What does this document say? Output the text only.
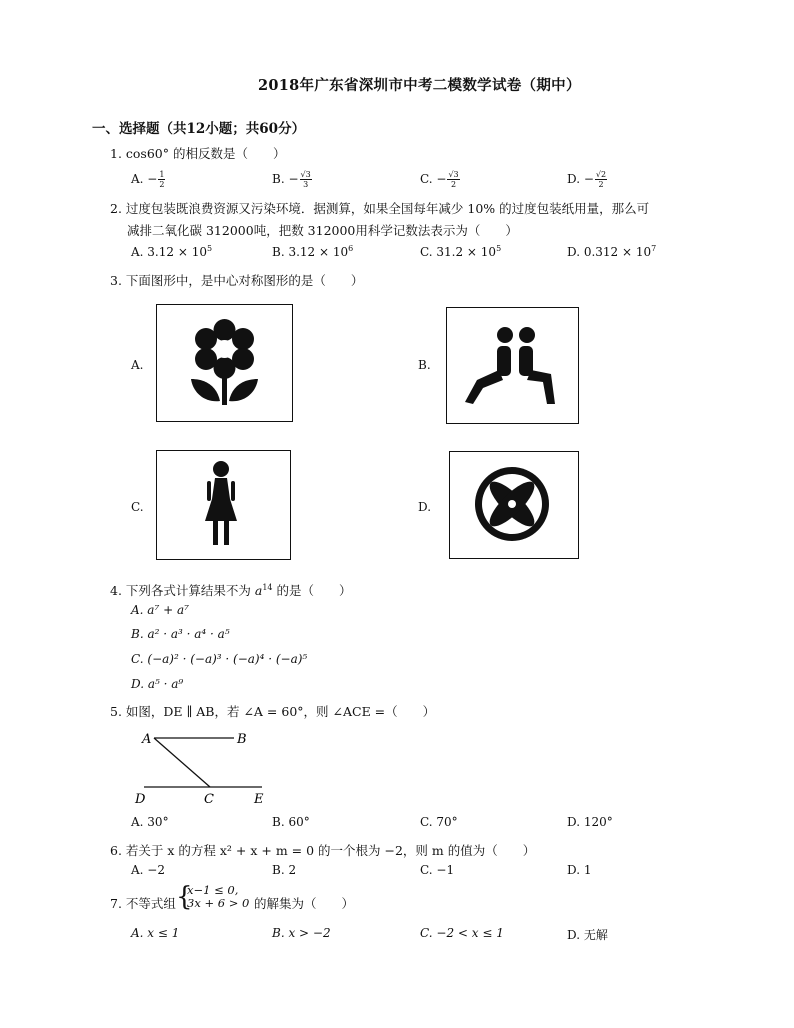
2018年广东省深圳市中考二模数学试卷（期中）
一、选择题（共12小题；共60分）
1. cos60° 的相反数是（　　）
A. − $\frac{1}{2}$	B. − $\frac{√3}{3}$	C. − $\frac{√3}{2}$	D. − $\frac{√2}{2}$
2. 过度包装既浪费资源又污染环境．据测算，如果全国每年减少 10% 的过度包装纸用量，那么可
减排二氧化碳 312000吨，把数 312000用科学记数法表示为（　　）
A. $3.12 \times 10^5$	B. $3.12 \times 10^6$	C. $31.2 \times 10^5$	D. $0.312 \times 10^7$
3. 下面图形中，是中心对称图形的是（　　）
A.	B.
C.	D.
4. 下列各式计算结果不为 $a^{14}$ 的是（　　）
A. a⁷ + a⁷
B. a² · a³ · a⁴ · a⁵
C. (−a)² · (−a)³ · (−a)⁴ · (−a)⁵
D. a⁵ · a⁹
5. 如图，DE ∥ AB，若 ∠A = 60°，则 ∠ACE =（　　）
A	B
D	C	E
A. 30°	B. 60°	C. 70°	D. 120°
6. 若关于 x 的方程 x² + x + m = 0 的一个根为 −2，则 m 的值为（　　）
A. −2	B. 2	C. −1	D. 1
7. 不等式组 {
x−1 ≤ 0,
3x + 6 > 0 的解集为（　　）
A. x ≤ 1	B. x > −2	C. −2 < x ≤ 1	D. 无解
